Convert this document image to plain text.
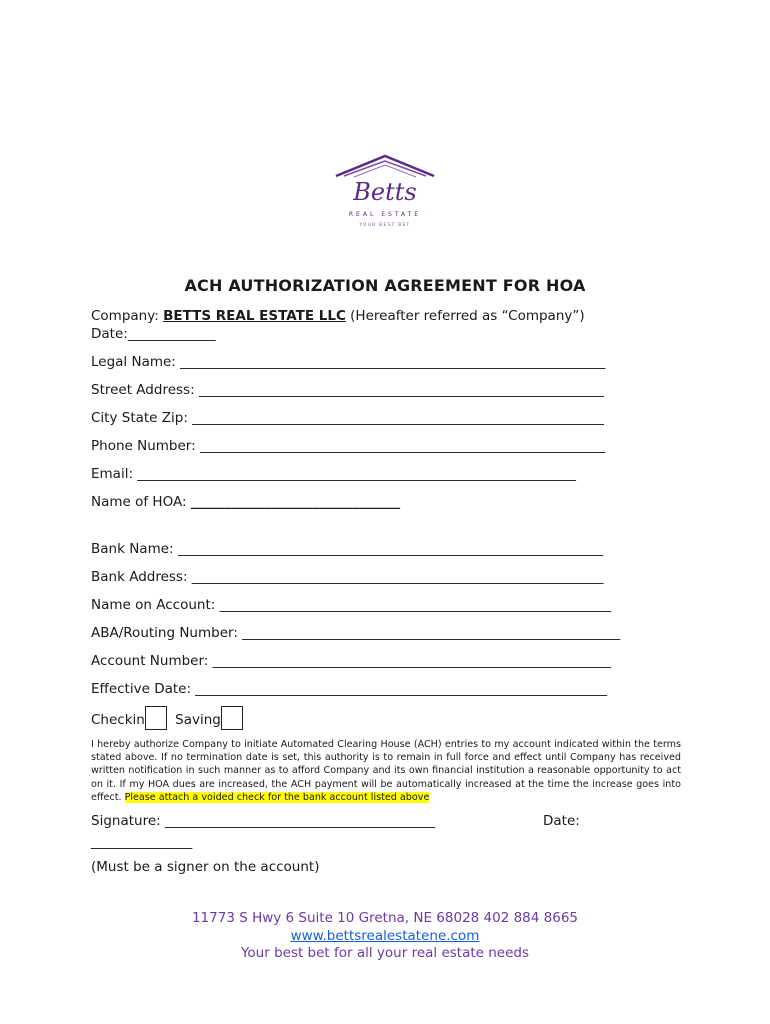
Betts
REAL ESTATE
YOUR BEST BET
ACH AUTHORIZATION AGREEMENT FOR HOA
Company: BETTS REAL ESTATE LLC (Hereafter referred as “Company”)
Date:_____________
Legal Name: _______________________________________________________________
Street Address: ____________________________________________________________
City State Zip: _____________________________________________________________
Phone Number: ____________________________________________________________
Email: _________________________________________________________________
Name of HOA: _______________________________
Bank Name: _______________________________________________________________
Bank Address: _____________________________________________________________
Name on Account: __________________________________________________________
ABA/Routing Number: ________________________________________________________
Account Number: ___________________________________________________________
Effective Date: _____________________________________________________________
Checkin Saving
I hereby authorize Company to initiate Automated Clearing House (ACH) entries to my account indicated within the terms stated above. If no termination date is set, this authority is to remain in full force and effect until Company has received written notification in such manner as to afford Company and its own financial institution a reasonable opportunity to act on it. If my HOA dues are increased, the ACH payment will be automatically increased at the time the increase goes into effect. Please attach a voided check for the bank account listed above
Signature: ________________________________________	Date:
_______________
(Must be a signer on the account)
11773 S Hwy 6 Suite 10 Gretna, NE 68028 402 884 8665
www.bettsrealestatene.com
Your best bet for all your real estate needs
